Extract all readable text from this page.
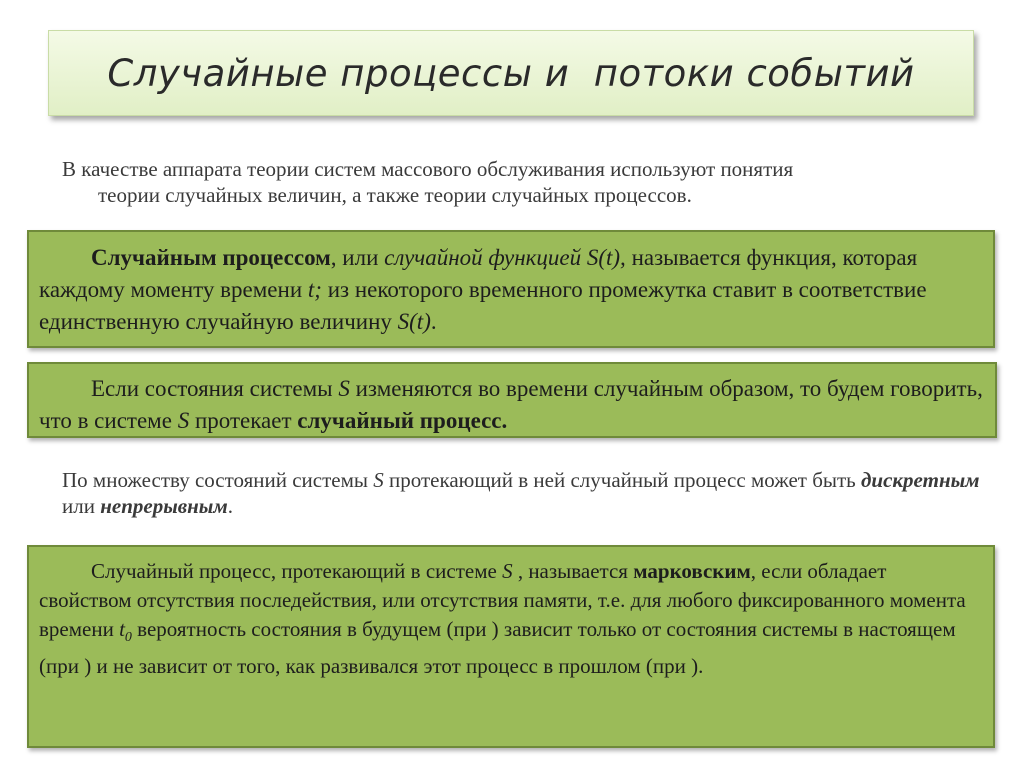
Случайные процессы и  потоки событий
В качестве аппарата теории систем массового обслуживания используют понятия
теории случайных величин, а также теории случайных процессов.
Случайным процессом, или случайной функцией S(t), называется функция, которая каждому моменту времени t; из некоторого временного промежутка ставит в соответствие единственную случайную величину S(t).
Если состояния системы S изменяются во времени случайным образом, то будем говорить, что в системе S протекает случайный процесс.
По множеству состояний системы S протекающий в ней случайный процесс может быть дискретным или непрерывным.
Случайный процесс, протекающий в системе S , называется марковским, если обладает свойством отсутствия последействия, или отсутствия памяти, т.е. для любого фиксированного момента времени $t_0$ вероятность состояния в будущем (при ) зависит только от состояния системы в настоящем (при ) и не зависит от того, как развивался этот процесс в прошлом (при ).
